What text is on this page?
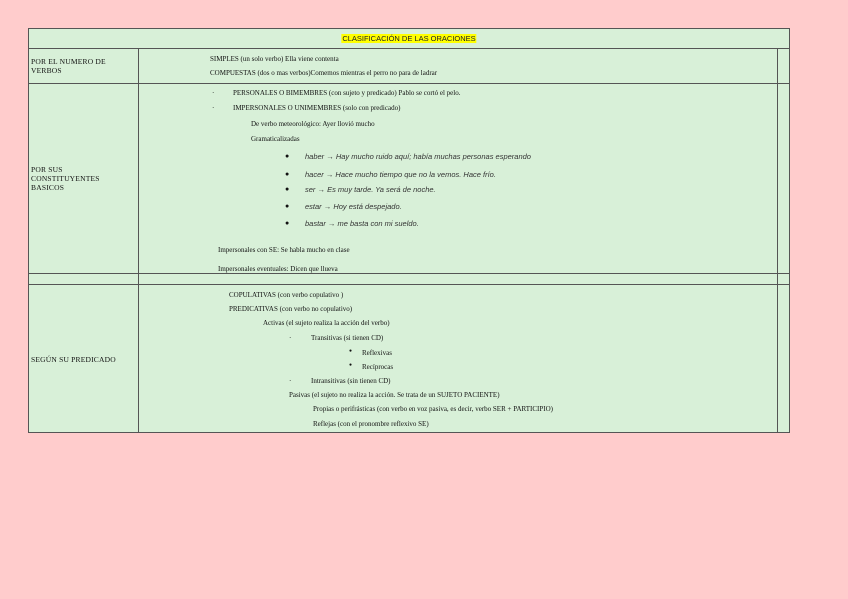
CLASIFICACIÓN DE LAS ORACIONES
POR EL NUMERO DE VERBOS
SIMPLES (un solo verbo) Ella viene contenta
COMPUESTAS (dos o mas verbos)Comemos mientras el perro no para de ladrar
POR SUS CONSTITUYENTES BASICOS
·	PERSONALES O BIMEMBRES (con sujeto y predicado) Pablo se cortó el pelo.
·	IMPERSONALES O UNIMEMBRES (solo con predicado)
De verbo meteorológico: Ayer llovió mucho
Gramaticalizadas
● haber → Hay mucho ruido aquí; había muchas personas esperando
● hacer → Hace mucho tiempo que no la vemos. Hace frío.
● ser → Es muy tarde. Ya será de noche.
● estar → Hoy está despejado.
● bastar → me basta con mi sueldo.
Impersonales con SE: Se habla mucho en clase
Impersonales eventuales: Dicen que llueva
SEGÚN SU PREDICADO
COPULATIVAS (con verbo copulativo )
PREDICATIVAS (con verbo no copulativo)
Activas (el sujeto realiza la acción del verbo)
·	Transitivas (si tienen CD)
● Reflexivas
● Recíprocas
·	Intransitivas (sin tienen CD)
Pasivas (el sujeto no realiza la acción. Se trata de un SUJETO PACIENTE)
Propias o perifrásticas (con verbo en voz pasiva, es decir, verbo SER + PARTICIPIO)
Reflejas (con el pronombre reflexivo SE)
